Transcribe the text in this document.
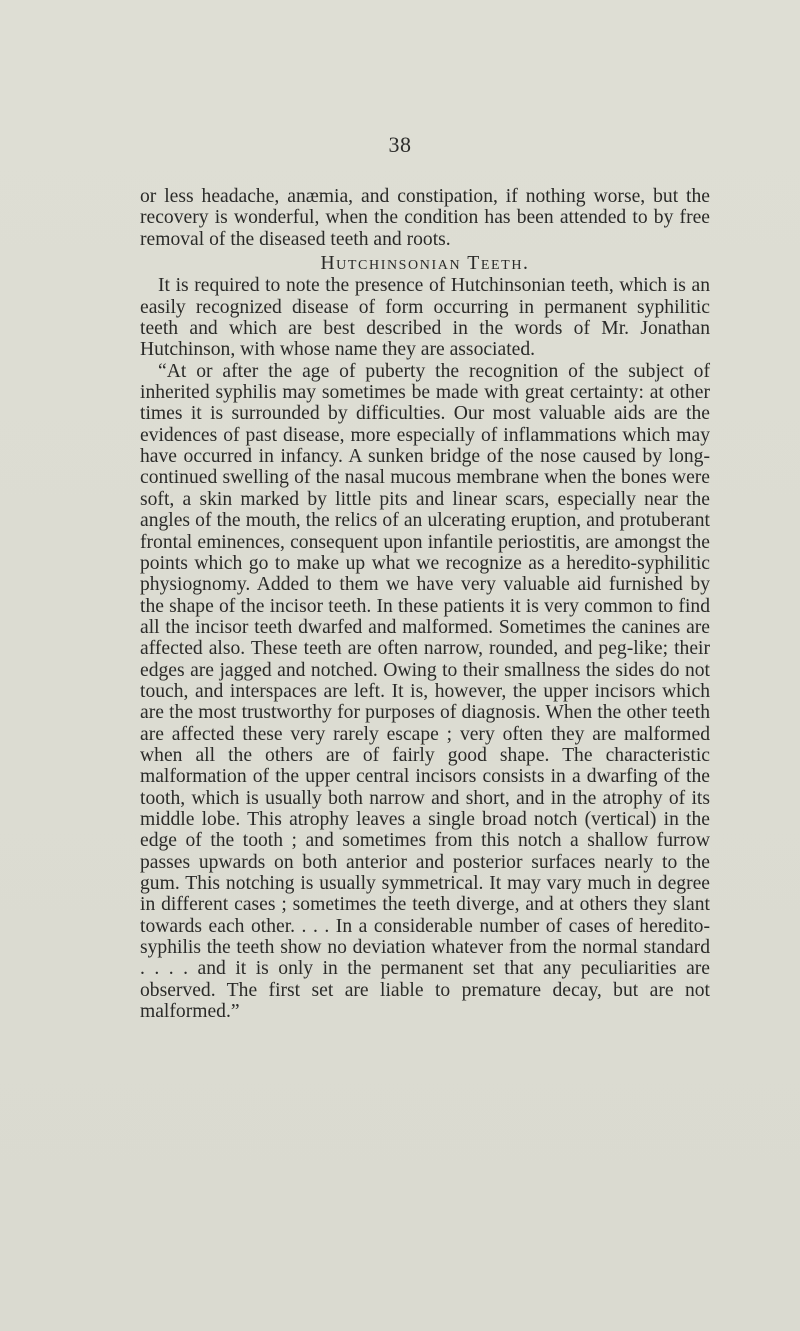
38

or less headache, anæmia, and constipation, if nothing worse, but the recovery is wonderful, when the condition has been attended to by free removal of the diseased teeth and roots.

Hutchinsonian Teeth.

It is required to note the presence of Hutchinsonian teeth, which is an easily recognized disease of form occurring in permanent syphilitic teeth and which are best described in the words of Mr. Jonathan Hutchinson, with whose name they are associated.

“At or after the age of puberty the recognition of the subject of inherited syphilis may sometimes be made with great certainty: at other times it is surrounded by difficulties. Our most valuable aids are the evidences of past disease, more especially of inflammations which may have occurred in infancy. A sunken bridge of the nose caused by long-continued swelling of the nasal mucous membrane when the bones were soft, a skin marked by little pits and linear scars, especially near the angles of the mouth, the relics of an ulcerating eruption, and protuberant frontal eminences, consequent upon infantile periostitis, are amongst the points which go to make up what we recognize as a heredito-syphilitic physiognomy. Added to them we have very valuable aid furnished by the shape of the incisor teeth. In these patients it is very common to find all the incisor teeth dwarfed and malformed. Sometimes the canines are affected also. These teeth are often narrow, rounded, and peg-like; their edges are jagged and notched. Owing to their smallness the sides do not touch, and interspaces are left. It is, however, the upper incisors which are the most trustworthy for purposes of diagnosis. When the other teeth are affected these very rarely escape ; very often they are malformed when all the others are of fairly good shape. The characteristic malformation of the upper central incisors consists in a dwarfing of the tooth, which is usually both narrow and short, and in the atrophy of its middle lobe. This atrophy leaves a single broad notch (vertical) in the edge of the tooth ; and sometimes from this notch a shallow furrow passes upwards on both anterior and posterior surfaces nearly to the gum. This notching is usually symmetrical. It may vary much in degree in different cases ; sometimes the teeth diverge, and at others they slant towards each other. . . . In a considerable number of cases of heredito-syphilis the teeth show no deviation whatever from the normal standard . . . . and it is only in the permanent set that any peculiarities are observed. The first set are liable to premature decay, but are not malformed.”
